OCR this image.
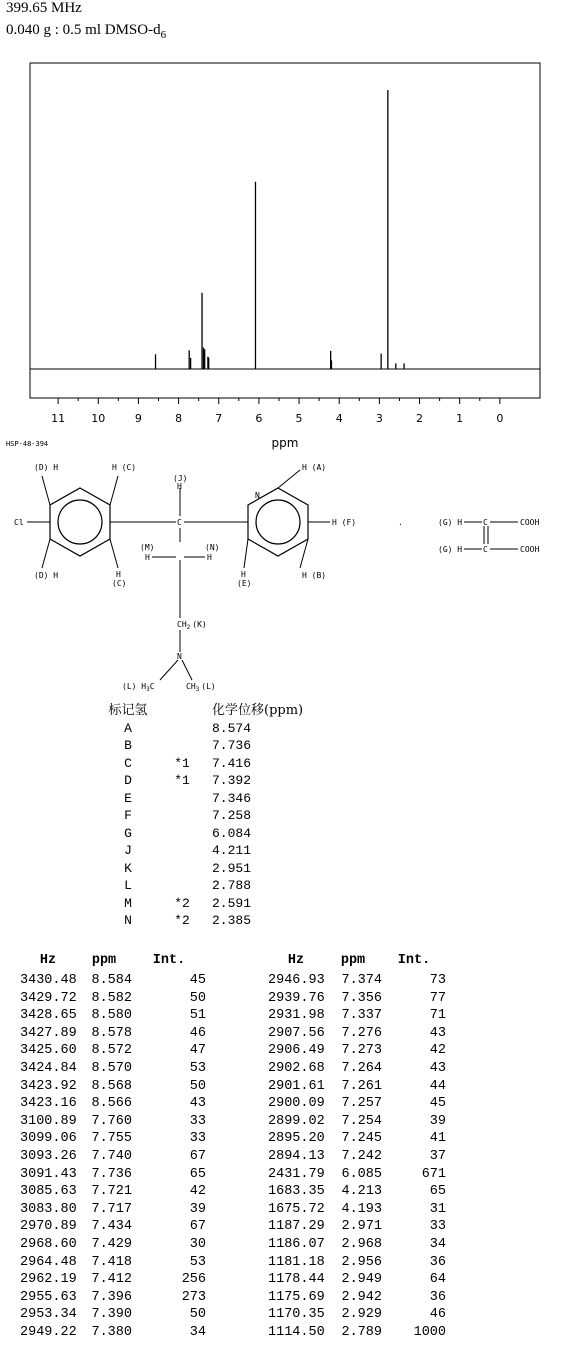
399.65 MHz
0.040 g : 0.5 ml DMSO-$d_6$
11 10	9	8	7	6	5	4	3	2	1	0
ppm
HSP-48-394
(D) H	H (C)
(J)
H
H (A)
N
Cl	C	H (F)
(M)
H
(N)
H
(D) H	H
(C)
H
(E)
H (B)
$CH_2$ (K)
N
(L) $H_3C$	$CH_3$ (L)
.	(G) H
(G) H
C
C
COOH
COOH
标记氢	化学位移(ppm)
A	8.574
B	7.736
C	*1 7.416
D	*1 7.392
E	7.346
F	7.258
G	6.084
J	4.211
K	2.951
L	2.788
M	*2 2.591
N	*2 2.385
Hz	ppm	Int.	Hz	ppm Int.
3430.48 8.584	45	2946.93 7.374	73
3429.72 8.582	50	2939.76 7.356	77
3428.65 8.580	51	2931.98 7.337	71
3427.89 8.578	46	2907.56 7.276	43
3425.60 8.572	47	2906.49 7.273	42
3424.84 8.570	53	2902.68 7.264	43
3423.92 8.568	50	2901.61 7.261	44
3423.16 8.566	43	2900.09 7.257	45
3100.89 7.760	33	2899.02 7.254	39
3099.06 7.755	33	2895.20 7.245	41
3093.26 7.740	67	2894.13 7.242	37
3091.43 7.736	65	2431.79 6.085	671
3085.63 7.721	42	1683.35 4.213	65
3083.80 7.717	39	1675.72 4.193	31
2970.89 7.434	67	1187.29 2.971	33
2968.60 7.429	30	1186.07 2.968	34
2964.48 7.418	53	1181.18 2.956	36
2962.19 7.412	256	1178.44 2.949	64
2955.63 7.396	273	1175.69 2.942	36
2953.34 7.390	50	1170.35 2.929	46
2949.22 7.380	34	1114.50 2.789 1000
